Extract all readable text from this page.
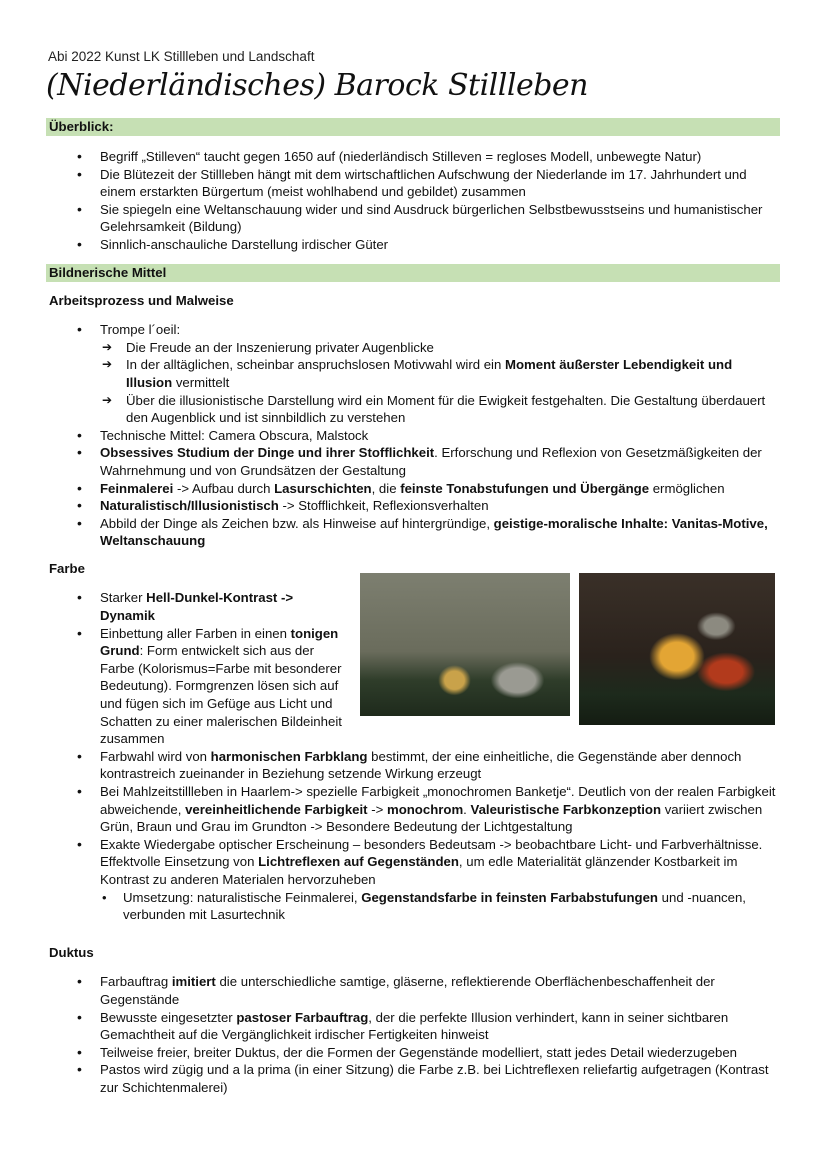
Abi 2022 Kunst LK Stillleben und Landschaft
(Niederländisches) Barock Stillleben
Überblick:
• Begriff „Stilleven“ taucht gegen 1650 auf (niederländisch Stilleven = regloses Modell, unbewegte Natur)
• Die Blütezeit der Stillleben hängt mit dem wirtschaftlichen Aufschwung der Niederlande im 17. Jahrhundert und einem erstarkten Bürgertum (meist wohlhabend und gebildet) zusammen
• Sie spiegeln eine Weltanschauung wider und sind Ausdruck bürgerlichen Selbstbewusstseins und humanistischer Gelehrsamkeit (Bildung)
• Sinnlich-anschauliche Darstellung irdischer Güter
Bildnerische Mittel
Arbeitsprozess und Malweise
• Trompe l´oeil:
➔ Die Freude an der Inszenierung privater Augenblicke
➔ In der alltäglichen, scheinbar anspruchslosen Motivwahl wird ein Moment äußerster Lebendigkeit und Illusion vermittelt
➔ Über die illusionistische Darstellung wird ein Moment für die Ewigkeit festgehalten. Die Gestaltung überdauert den Augenblick und ist sinnbildlich zu verstehen
• Technische Mittel: Camera Obscura, Malstock
• Obsessives Studium der Dinge und ihrer Stofflichkeit. Erforschung und Reflexion von Gesetzmäßigkeiten der Wahrnehmung und von Grundsätzen der Gestaltung
• Feinmalerei -> Aufbau durch Lasurschichten, die feinste Tonabstufungen und Übergänge ermöglichen
• Naturalistisch/Illusionistisch -> Stofflichkeit, Reflexionsverhalten
• Abbild der Dinge als Zeichen bzw. als Hinweise auf hintergründige, geistige-moralische Inhalte: Vanitas-Motive, Weltanschauung
Farbe
• Starker Hell-Dunkel-Kontrast -> Dynamik
• Einbettung aller Farben in einen tonigen Grund: Form entwickelt sich aus der Farbe (Kolorismus=Farbe mit besonderer Bedeutung). Formgrenzen lösen sich auf und fügen sich im Gefüge aus Licht und Schatten zu einer malerischen Bildeinheit zusammen
• Farbwahl wird von harmonischen Farbklang bestimmt, der eine einheitliche, die Gegenstände aber dennoch kontrastreich zueinander in Beziehung setzende Wirkung erzeugt
• Bei Mahlzeitstillleben in Haarlem-> spezielle Farbigkeit „monochromen Banketje“. Deutlich von der realen Farbigkeit abweichende, vereinheitlichende Farbigkeit -> monochrom. Valeuristische Farbkonzeption variiert zwischen Grün, Braun und Grau im Grundton -> Besondere Bedeutung der Lichtgestaltung
• Exakte Wiedergabe optischer Erscheinung – besonders Bedeutsam -> beobachtbare Licht- und Farbverhältnisse. Effektvolle Einsetzung von Lichtreflexen auf Gegenständen, um edle Materialität glänzender Kostbarkeit im Kontrast zu anderen Materialen hervorzuheben
• Umsetzung: naturalistische Feinmalerei, Gegenstandsfarbe in feinsten Farbabstufungen und -nuancen, verbunden mit Lasurtechnik
Duktus
• Farbauftrag imitiert die unterschiedliche samtige, gläserne, reflektierende Oberflächenbeschaffenheit der Gegenstände
• Bewusste eingesetzter pastoser Farbauftrag, der die perfekte Illusion verhindert, kann in seiner sichtbaren Gemachtheit auf die Vergänglichkeit irdischer Fertigkeiten hinweist
• Teilweise freier, breiter Duktus, der die Formen der Gegenstände modelliert, statt jedes Detail wiederzugeben
• Pastos wird zügig und a la prima (in einer Sitzung) die Farbe z.B. bei Lichtreflexen reliefartig aufgetragen (Kontrast zur Schichtenmalerei)
